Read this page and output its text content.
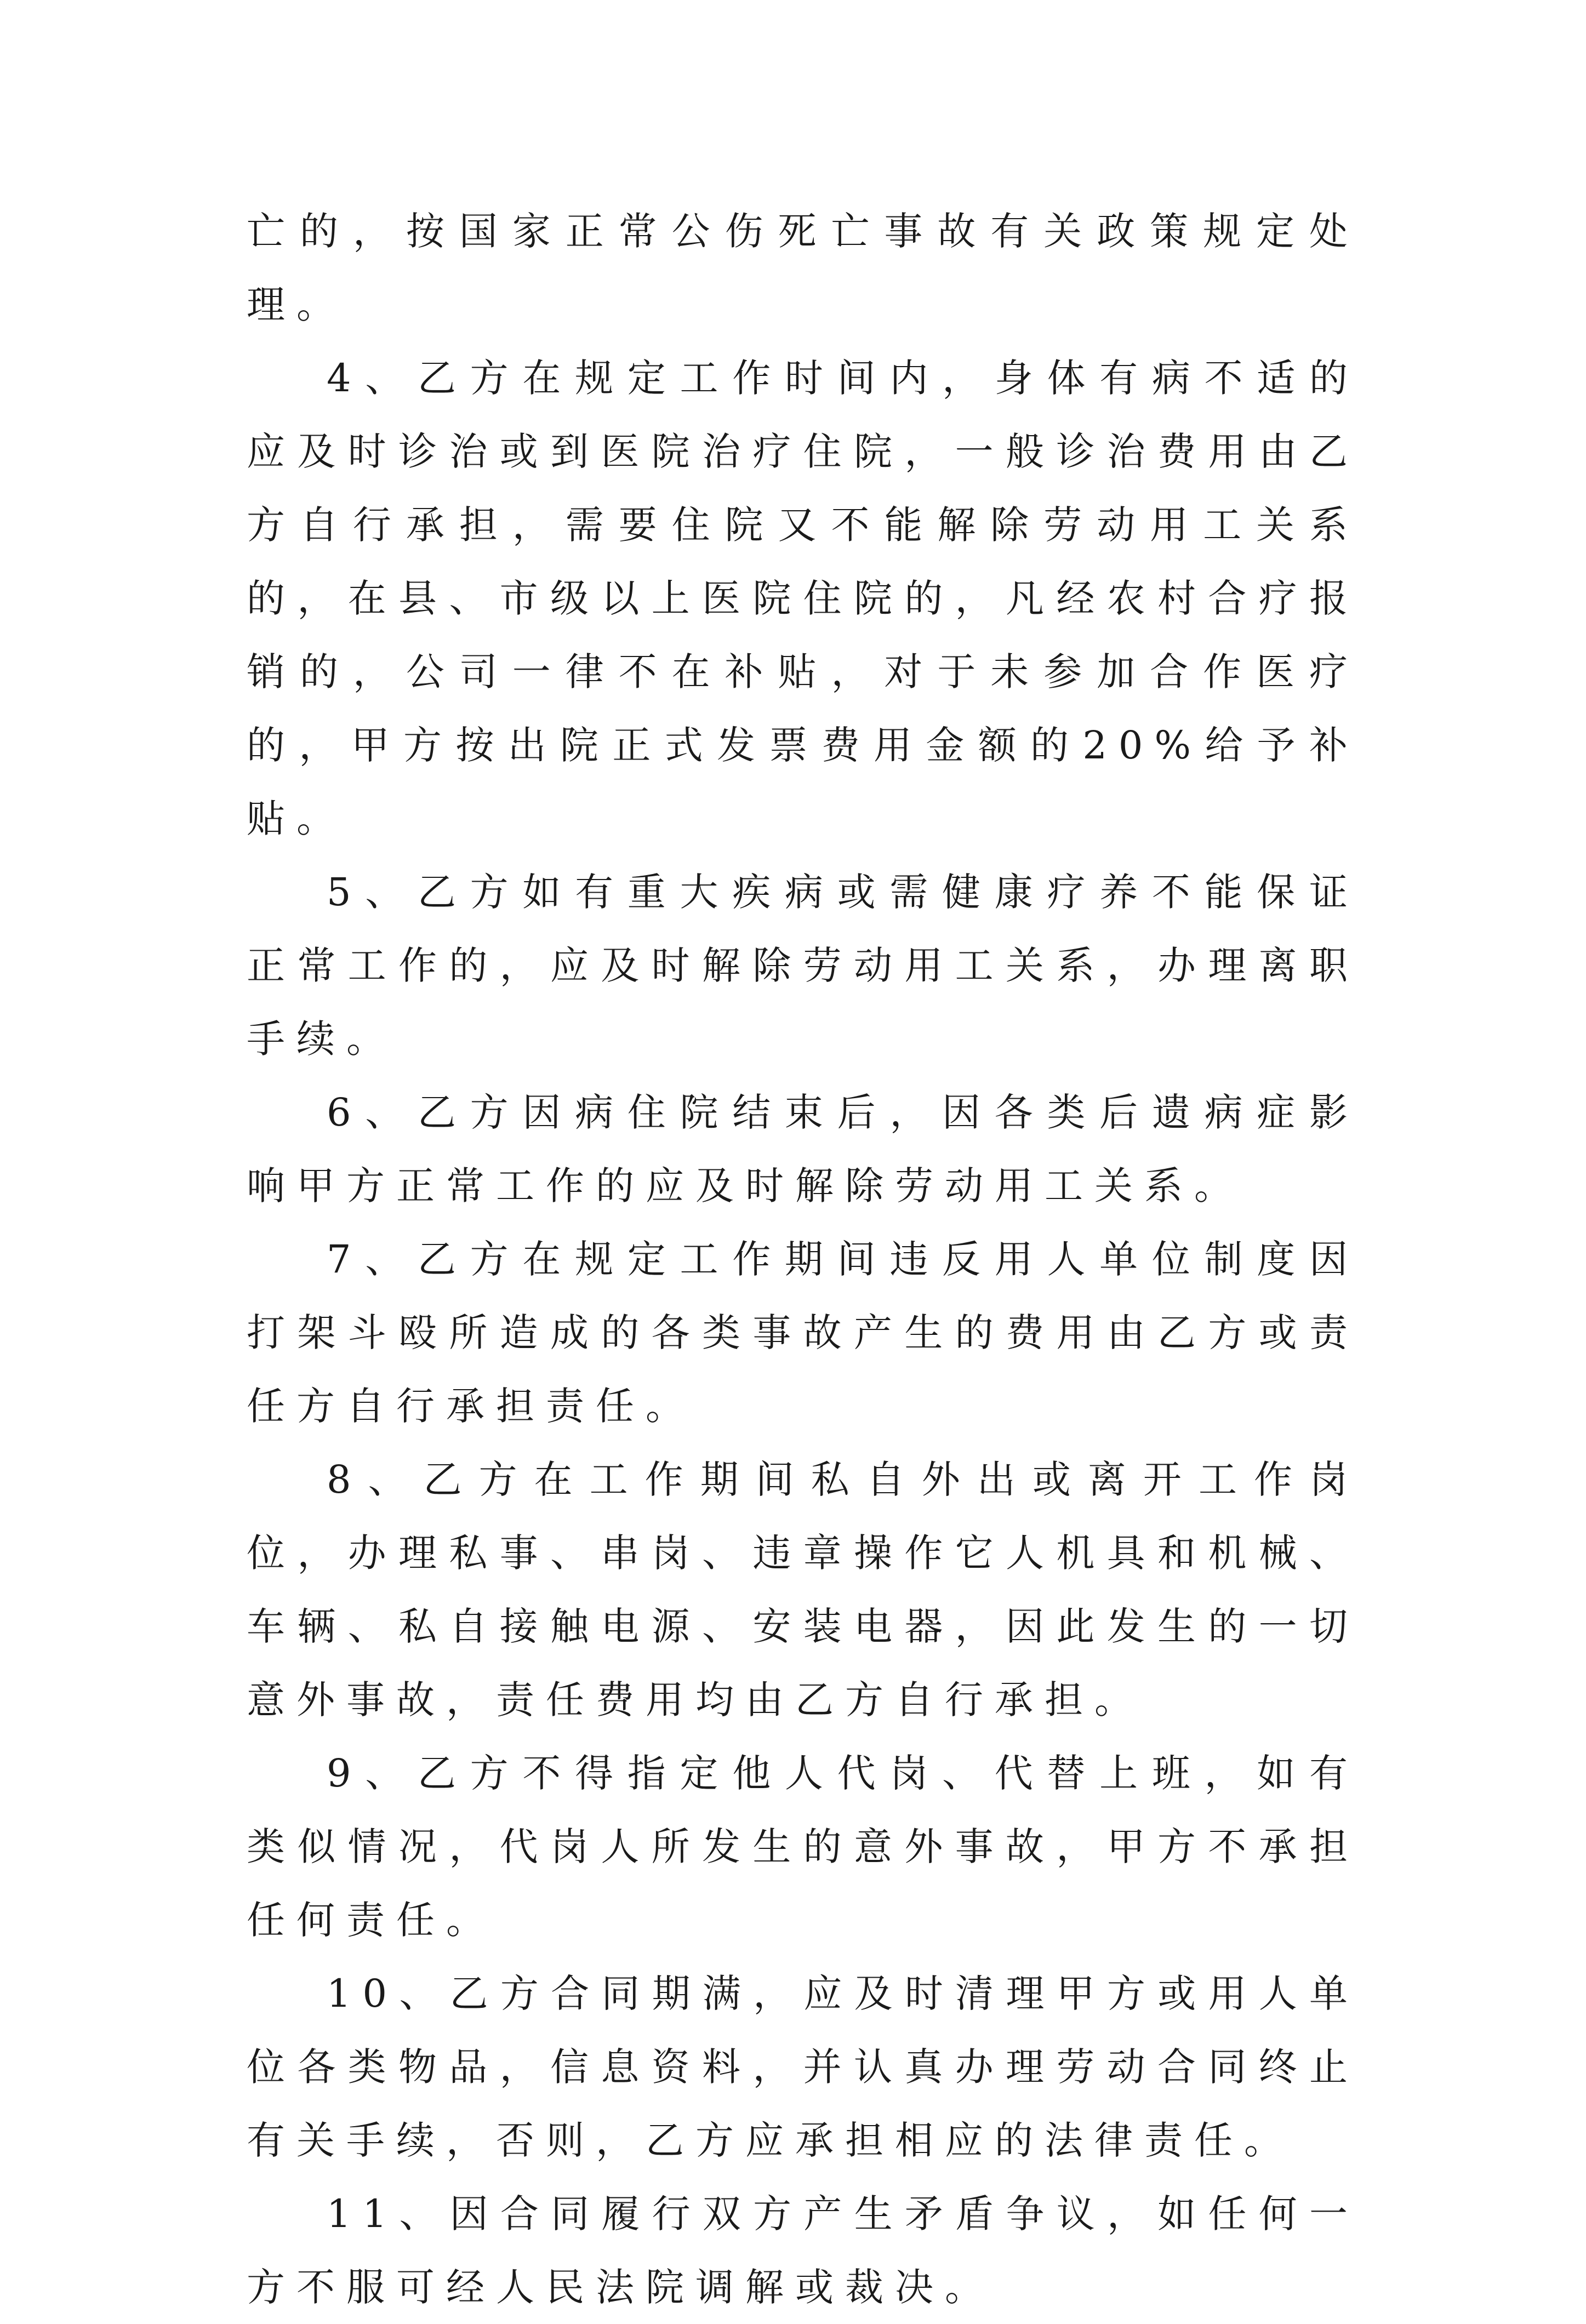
亡的，按国家正常公伤死亡事故有关政策规定处理。

4、乙方在规定工作时间内，身体有病不适的应及时诊治或到医院治疗住院，一般诊治费用由乙方自行承担，需要住院又不能解除劳动用工关系的，在县、市级以上医院住院的，凡经农村合疗报销的，公司一律不在补贴，对于未参加合作医疗的，甲方按出院正式发票费用金额的20%给予补贴。

5、乙方如有重大疾病或需健康疗养不能保证正常工作的，应及时解除劳动用工关系，办理离职手续。

6、乙方因病住院结束后，因各类后遗病症影响甲方正常工作的应及时解除劳动用工关系。

7、乙方在规定工作期间违反用人单位制度因打架斗殴所造成的各类事故产生的费用由乙方或责任方自行承担责任。

8、乙方在工作期间私自外出或离开工作岗位，办理私事、串岗、违章操作它人机具和机械、车辆、私自接触电源、安装电器，因此发生的一切意外事故，责任费用均由乙方自行承担。

9、乙方不得指定他人代岗、代替上班，如有类似情况，代岗人所发生的意外事故，甲方不承担任何责任。

10、乙方合同期满，应及时清理甲方或用人单位各类物品，信息资料，并认真办理劳动合同终止有关手续，否则，乙方应承担相应的法律责任。

11、因合同履行双方产生矛盾争议，如任何一方不服可经人民法院调解或裁决。
